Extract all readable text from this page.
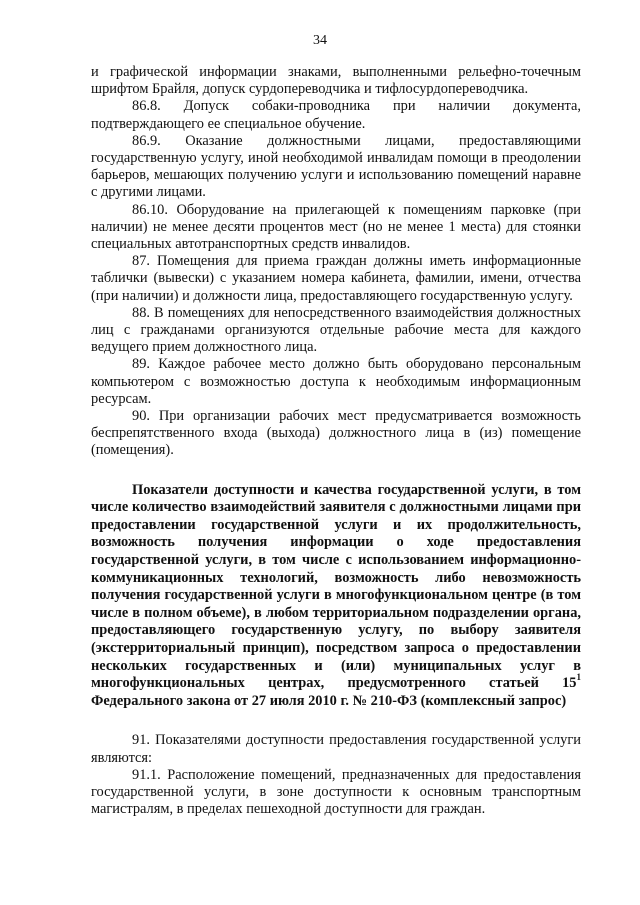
34

и графической информации знаками, выполненными рельефно-точечным шрифтом Брайля, допуск сурдопереводчика и тифлосурдопереводчика.

86.8. Допуск собаки-проводника при наличии документа, подтверждающего ее специальное обучение.

86.9. Оказание должностными лицами, предоставляющими государственную услугу, иной необходимой инвалидам помощи в преодолении барьеров, мешающих получению услуги и использованию помещений наравне с другими лицами.

86.10. Оборудование на прилегающей к помещениям парковке (при наличии) не менее десяти процентов мест (но не менее 1 места) для стоянки специальных автотранспортных средств инвалидов.

87. Помещения для приема граждан должны иметь информационные таблички (вывески) с указанием номера кабинета, фамилии, имени, отчества (при наличии) и должности лица, предоставляющего государственную услугу.

88. В помещениях для непосредственного взаимодействия должностных лиц с гражданами организуются отдельные рабочие места для каждого ведущего прием должностного лица.

89. Каждое рабочее место должно быть оборудовано персональным компьютером с возможностью доступа к необходимым информационным ресурсам.

90. При организации рабочих мест предусматривается возможность беспрепятственного входа (выхода) должностного лица в (из) помещение (помещения).

Показатели доступности и качества государственной услуги, в том числе количество взаимодействий заявителя с должностными лицами при предоставлении государственной услуги и их продолжительность, возможность получения информации о ходе предоставления государственной услуги, в том числе с использованием информационно-коммуникационных технологий, возможность либо невозможность получения государственной услуги в многофункциональном центре (в том числе в полном объеме), в любом территориальном подразделении органа, предоставляющего государственную услугу, по выбору заявителя (экстерриториальный принцип), посредством запроса о предоставлении нескольких государственных и (или) муниципальных услуг в многофункциональных центрах, предусмотренного статьей $15^1$ Федерального закона от 27 июля 2010 г. № 210-ФЗ (комплексный запрос)

91. Показателями доступности предоставления государственной услуги являются:

91.1. Расположение помещений, предназначенных для предоставления государственной услуги, в зоне доступности к основным транспортным магистралям, в пределах пешеходной доступности для граждан.
